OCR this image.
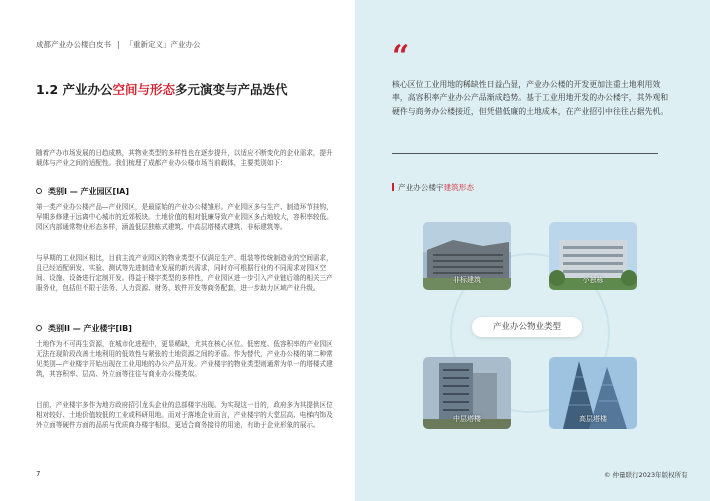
成都产业办公楼白皮书 | 「重新定义」产业办公
1.2 产业办公空间与形态多元演变与产品迭代

随着产办市场发展的日趋成熟，其物业类型的多样性也在逐步提升，以适应不断变化的企业需求，提升载体与产业之间的适配性。我们梳理了成都产业办公楼市场当前载体，主要类别如下：

类别I — 产业园区[IA]

第一类产业办公楼产品—产业园区，是最原始的产业办公楼雏形。产业园区多与生产、制造环节挂钩，早期多修建于远离中心城市的近郊板块。土地价值的相对低廉导致产业园区多占地较大，容积率较低。园区内部通常物业形态多样，涵盖低层独栋式建筑、中高层塔楼式建筑、非标建筑等。

与早期的工业园区相比，目前主流产业园区的物业类型不仅满足生产、组装等传统制造业的空间需求，且已经适配研发、实验、测试等先进制造业发展的新兴需求，同时亦可根据行业的不同需求对园区空间、设施、设备进行定制开发。得益于楼宇类型的多样性，产业园区进一步引入产业链后端的相关三产服务业，包括但不限于法务、人力资源、财务、软件开发等商务配套，进一步助力区域产业升级。

类别II — 产业楼宇[IB]

土地作为不可再生资源，在城市化进程中，更显稀缺，尤其在核心区位。低密度、低容积率的产业园区无法在现阶段改善土地利用的低效性与紧张的土地资源之间的矛盾。作为替代，产业办公楼的第二种常见类别—产业楼宇开始出现在工业用地的办公产品开发。产业楼宇的物业类型则通常为单一的塔楼式建筑，其容积率、层高、外立面等往往与商业办公楼类似。

目前，产业楼宇多作为地方政府招引龙头企业的总部楼宇出现。为实现这一目的，政府多为其提供区位相对较好、土地价值较低的工业或科研用地。而对于落地企业而言，产业楼宇的大堂层高、电梯内饰及外立面等硬件方面的品质与优质商办楼宇相似，更适合商务接待的用途，有助于企业形象的展示。

7
“

核心区位工业用地的稀缺性日益凸显，产业办公楼的开发更加注重土地利用效率，高容积率产业办公产品渐成趋势。基于工业用地开发的办公楼宇，其外观和硬件与商务办公楼接近，但凭借低廉的土地成本，在产业招引中往往占据先机。

产业办公楼宇建筑形态
非标建筑	小独栋
中层塔楼	高层塔楼
产业办公物业类型
© 仲量联行2023年版权所有
